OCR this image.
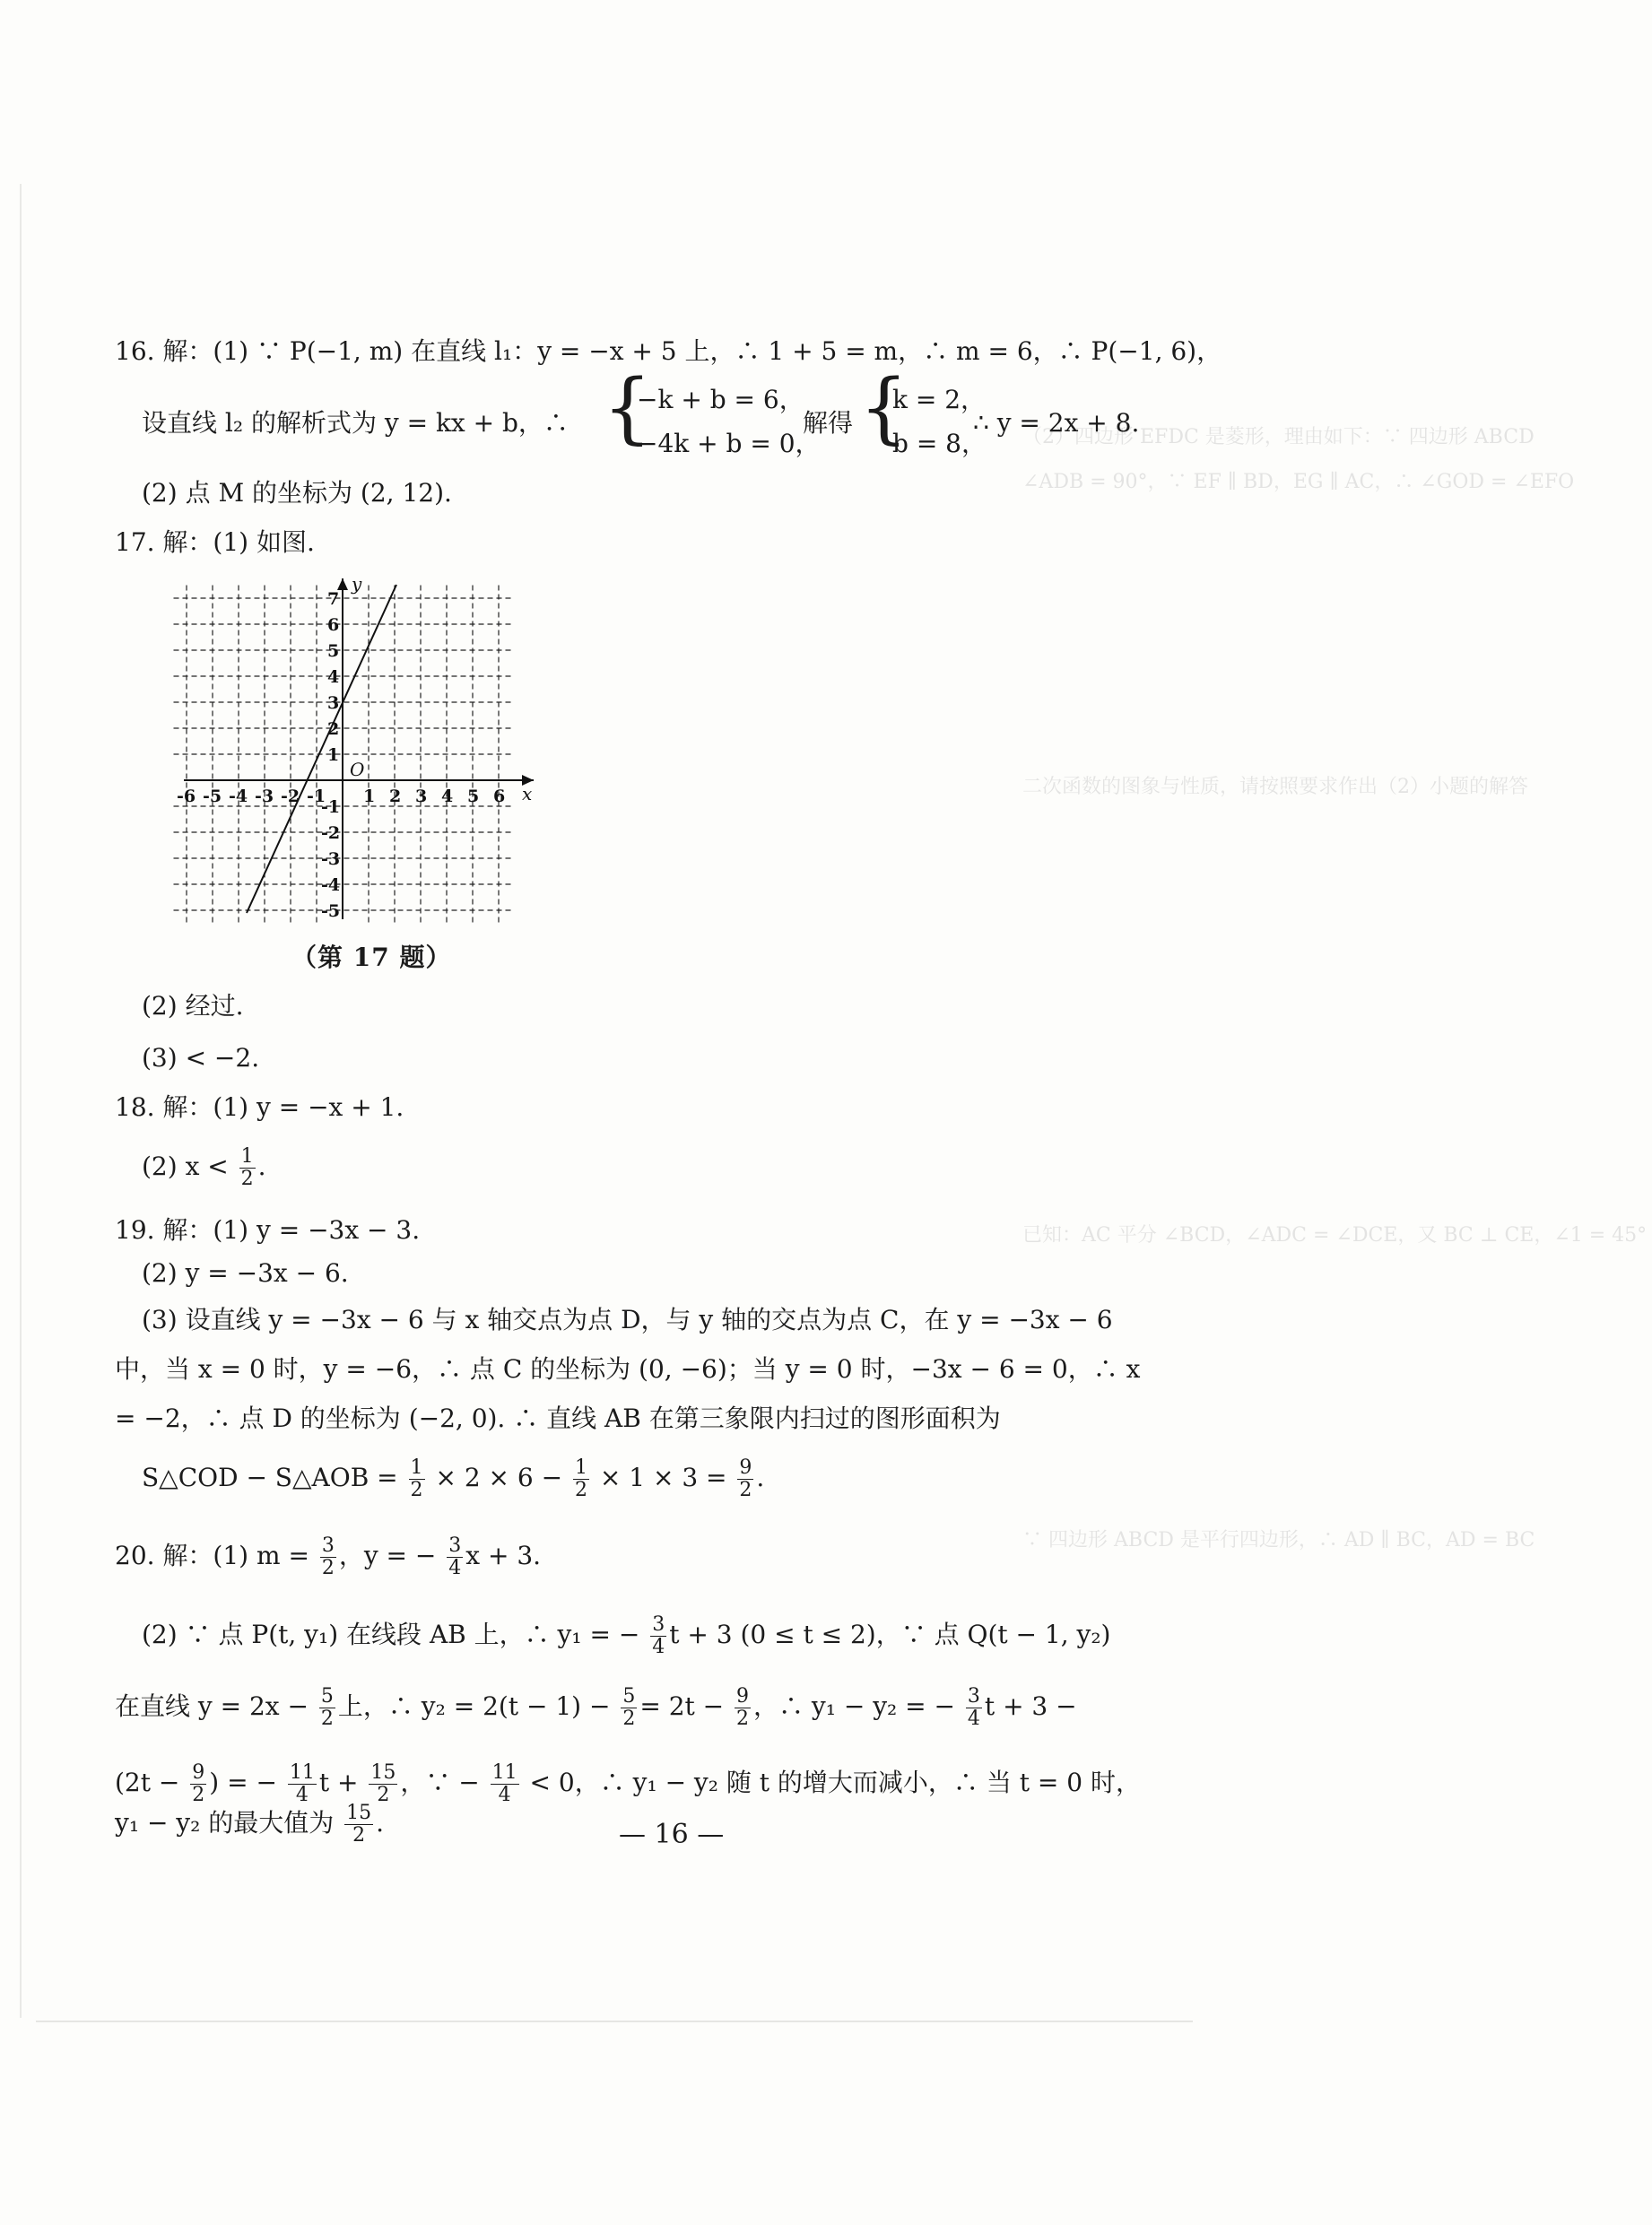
（2）四边形 EFDC 是菱形，理由如下：∵ 四边形 ABCD
∠ADB = 90°，∵ EF ∥ BD，EG ∥ AC，∴ ∠GOD = ∠EFO
二次函数的图象与性质，请按照要求作出（2）小题的解答
已知：AC 平分 ∠BCD，∠ADC = ∠DCE，又 BC ⊥ CE，∠1 = 45°
∵ 四边形 ABCD 是平行四边形，∴ AD ∥ BC，AD = BC
16. 解：(1) ∵ P(−1, m) 在直线 l₁：y = −x + 5 上，∴ 1 + 5 = m，∴ m = 6，∴ P(−1, 6)，
设直线 l₂ 的解析式为 y = kx + b，∴ {
−k + b = 6，
−4k + b = 0，
解得 {
k = 2，
b = 8，
∴ y = 2x + 8.
(2) 点 M 的坐标为 (2, 12).
17. 解：(1) 如图.
x
y
O
-6 -5 -4 -3 -2 -1 1 2 3 4 5 6
7
6
5
4
3
2
1
-1
-2
-3
-4
-5
（第 17 题）
(2) 经过.
(3) < −2.
18. 解：(1) y = −x + 1.
(2) $x < \frac{1}{2}$ .
19. 解：(1) y = −3x − 3.
(2) y = −3x − 6.
(3) 设直线 y = −3x − 6 与 x 轴交点为点 D，与 y 轴的交点为点 C，在 y = −3x − 6
中，当 x = 0 时，y = −6，∴ 点 C 的坐标为 (0, −6)；当 y = 0 时，−3x − 6 = 0，∴ x
= −2，∴ 点 D 的坐标为 (−2, 0). ∴ 直线 AB 在第三象限内扫过的图形面积为
S△COD − S△AOB = $\frac{1}{2} \times 2 \times 6 - \frac{1}{2} \times 1 \times 3 = \frac{9}{2}$ .
20. 解：(1) $m = \frac{3}{2}$ ，y = − $\frac{3}{4}$ x + 3.
(2) ∵ 点 P(t, y₁) 在线段 AB 上，∴ y₁ = − $\frac{3}{4}$ t + 3 (0 ≤ t ≤ 2)，∵ 点 Q(t − 1, y₂)
在直线 $y = 2x - \frac{5}{2}$ 上，∴ $y_2 = 2(t - 1) - \frac{5}{2} = 2t - \frac{9}{2}$ ，∴ y₁ − y₂ = − $\frac{3}{4}$ t + 3 −
($2t - \frac{9}{2}$ ) = − $\frac{11}{4}$ $t + \frac{15}{2}$ ，∵ − $\frac{11}{4} < 0$，∴ y₁ − y₂ 随 t 的增大而减小，∴ 当 t = 0 时，
y₁ − y₂ 的最大值为 $\frac{15}{2}$ .	— 16 —
